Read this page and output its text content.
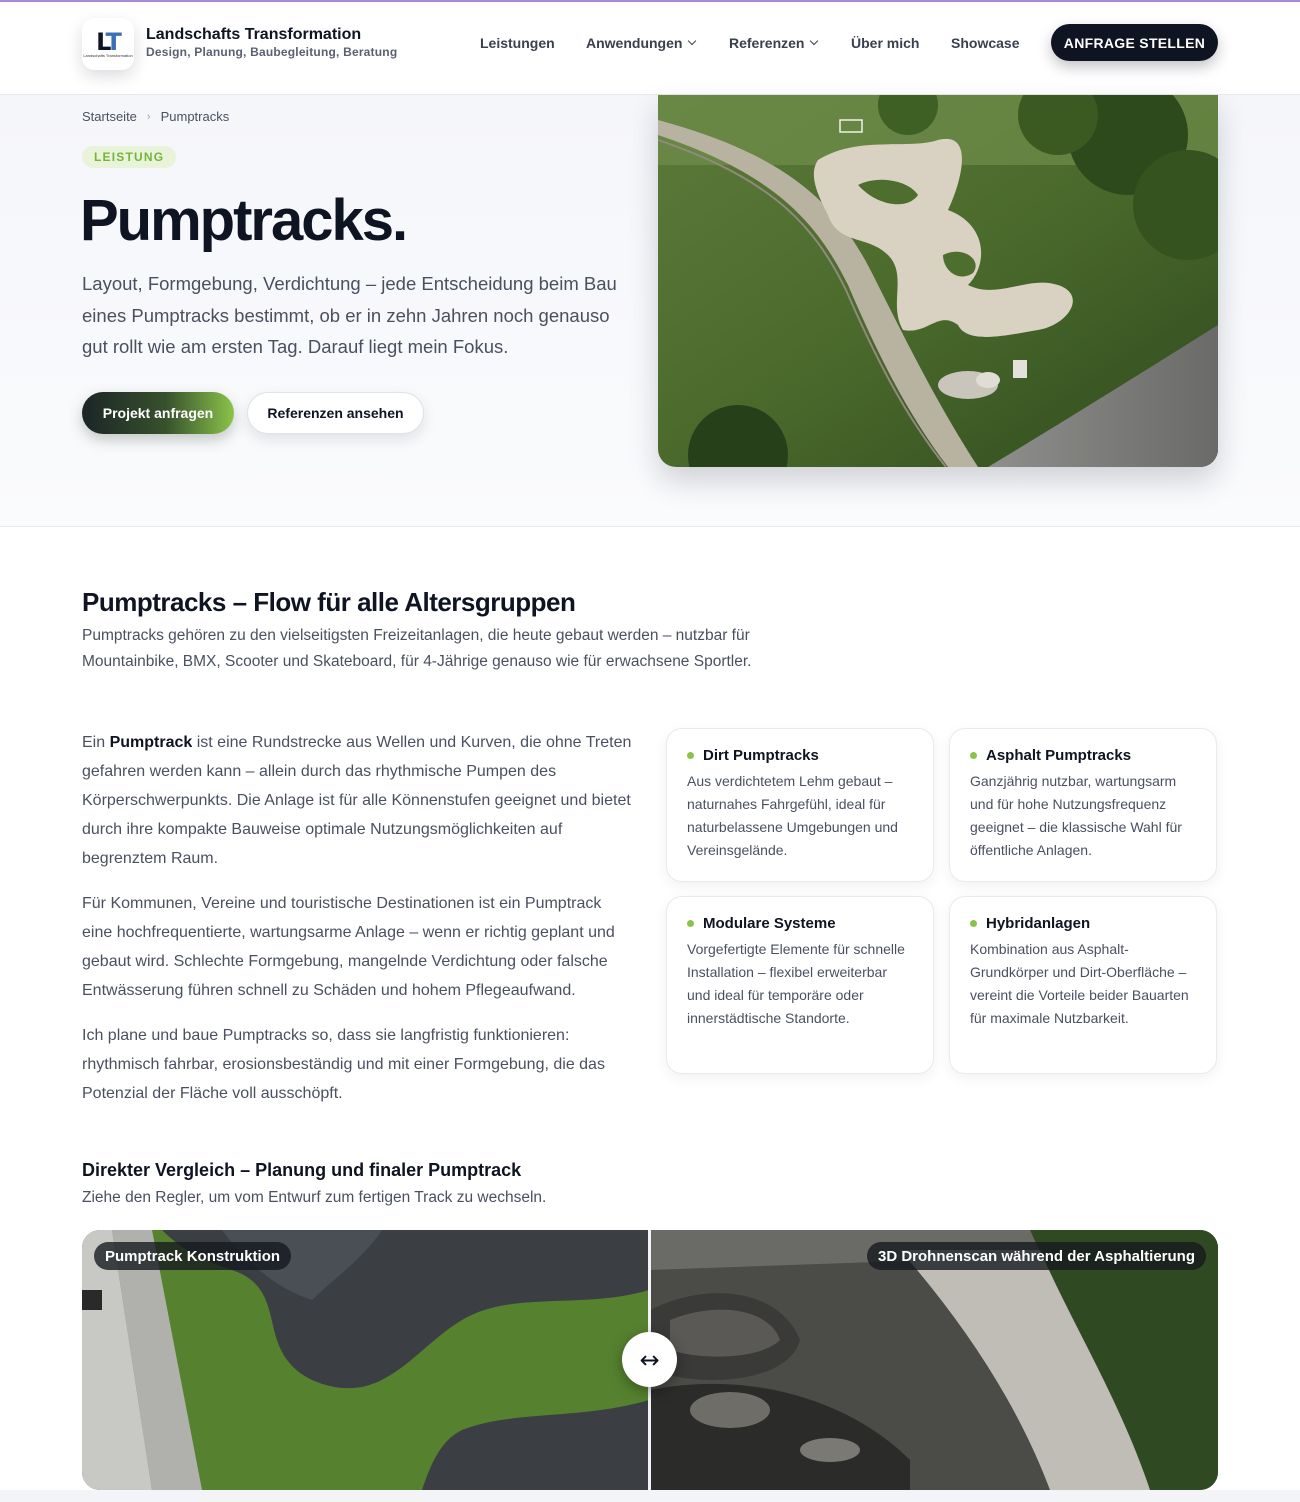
LT
Landschafts Transformation
Landschafts Transformation
Design, Planung, Baubegleitung, Beratung
Leistungen Anwendungen	Referenzen	Über mich Showcase	ANFRAGE STELLEN
Startseite › Pumptracks
LEISTUNG
Pumptracks.

Layout, Formgebung, Verdichtung – jede Entscheidung beim Bau eines Pumptracks bestimmt, ob er in zehn Jahren noch genauso gut rollt wie am ersten Tag. Darauf liegt mein Fokus.

Projekt anfragen	Referenzen ansehen
Pumptracks – Flow für alle Altersgruppen

Pumptracks gehören zu den vielseitigsten Freizeitanlagen, die heute gebaut werden – nutzbar für Mountainbike, BMX, Scooter und Skateboard, für 4-Jährige genauso wie für erwachsene Sportler.

Ein Pumptrack ist eine Rundstrecke aus Wellen und Kurven, die ohne Treten gefahren werden kann – allein durch das rhythmische Pumpen des Körperschwerpunkts. Die Anlage ist für alle Könnenstufen geeignet und bietet durch ihre kompakte Bauweise optimale Nutzungsmöglichkeiten auf begrenztem Raum.

Für Kommunen, Vereine und touristische Destinationen ist ein Pumptrack eine hochfrequentierte, wartungsarme Anlage – wenn er richtig geplant und gebaut wird. Schlechte Formgebung, mangelnde Verdichtung oder falsche Entwässerung führen schnell zu Schäden und hohem Pflegeaufwand.

Ich plane und baue Pumptracks so, dass sie langfristig funktionieren: rhythmisch fahrbar, erosionsbeständig und mit einer Formgebung, die das Potenzial der Fläche voll ausschöpft.

Dirt Pumptracks
Aus verdichtetem Lehm gebaut – naturnahes Fahrgefühl, ideal für naturbelassene Umgebungen und Vereinsgelände.
Asphalt Pumptracks
Ganzjährig nutzbar, wartungsarm und für hohe Nutzungsfrequenz geeignet – die klassische Wahl für öffentliche Anlagen.
Modulare Systeme
Vorgefertigte Elemente für schnelle Installation – flexibel erweiterbar und ideal für temporäre oder innerstädtische Standorte.
Hybridanlagen
Kombination aus Asphalt-Grundkörper und Dirt-Oberfläche – vereint die Vorteile beider Bauarten für maximale Nutzbarkeit.
Direkter Vergleich – Planung und finaler Pumptrack

Ziehe den Regler, um vom Entwurf zum fertigen Track zu wechseln.

Pumptrack Konstruktion	3D Drohnenscan während der Asphaltierung
↔
